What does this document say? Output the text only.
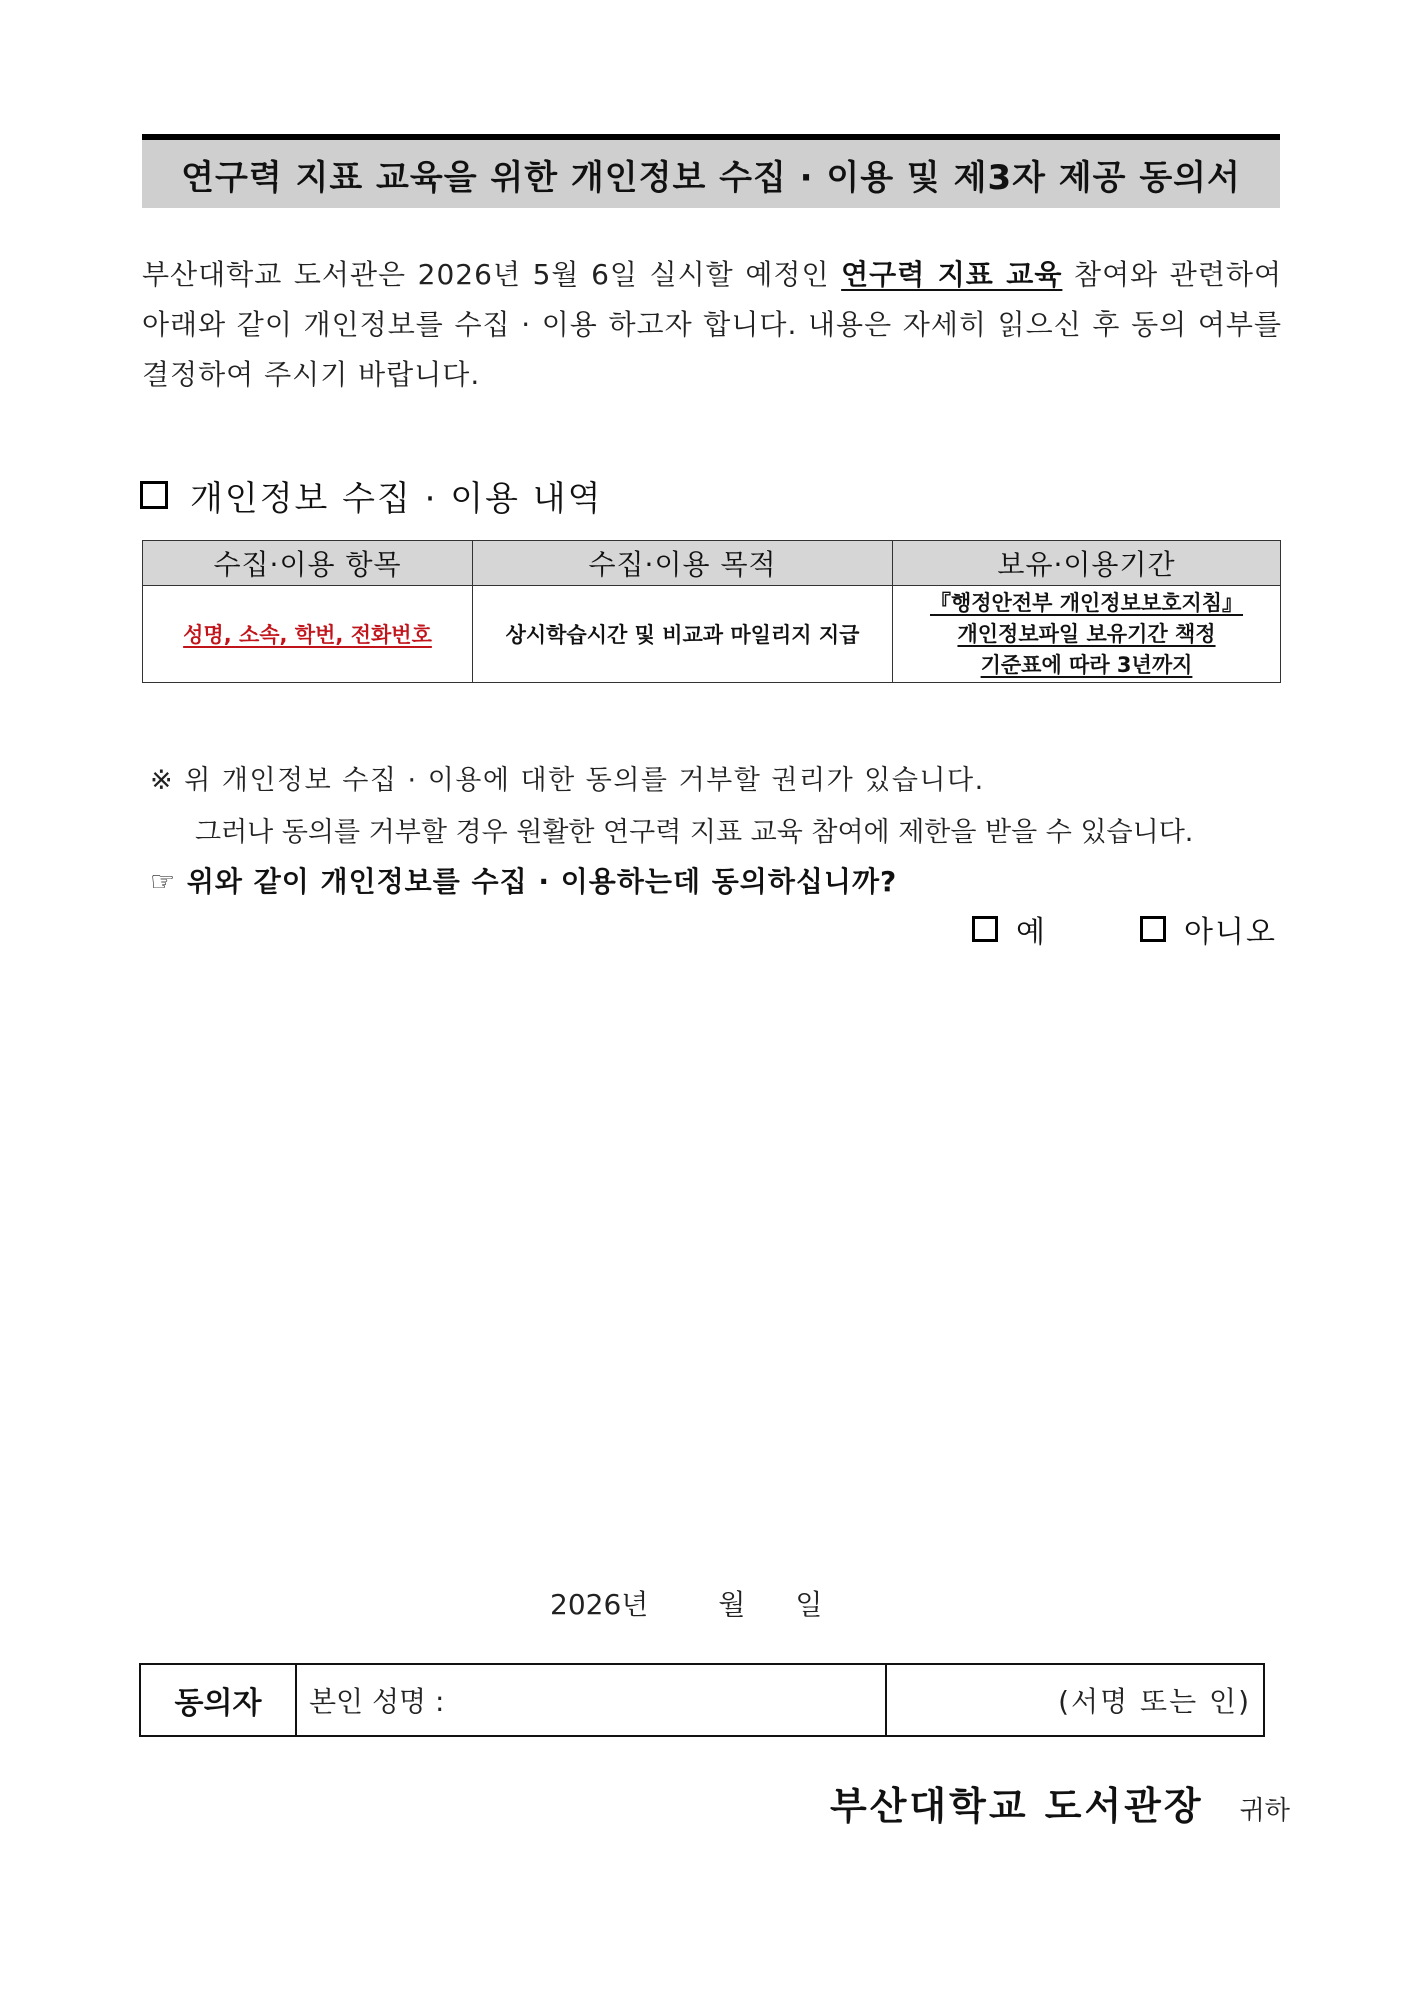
연구력 지표 교육을 위한 개인정보 수집 · 이용 및 제3자 제공 동의서
부산대학교 도서관은 2026년 5월 6일 실시할 예정인 연구력 지표 교육 참여와 관련하여 아래와 같이 개인정보를 수집 · 이용 하고자 합니다. 내용은 자세히 읽으신 후 동의 여부를 결정하여 주시기 바랍니다.
개인정보 수집 · 이용 내역
수집·이용 항목	수집·이용 목적	보유·이용기간
성명, 소속, 학번, 전화번호	상시학습시간 및 비교과 마일리지 지급	『행정안전부 개인정보보호지침』
개인정보파일 보유기간 책정
기준표에 따라 3년까지
※ 위 개인정보 수집 · 이용에 대한 동의를 거부할 권리가 있습니다.
그러나 동의를 거부할 경우 원활한 연구력 지표 교육 참여에 제한을 받을 수 있습니다.
☞ 위와 같이 개인정보를 수집 · 이용하는데 동의하십니까?
예	아니오
2026년	월 일
동의자	본인 성명 :	(서명 또는 인)
부산대학교 도서관장 귀하
